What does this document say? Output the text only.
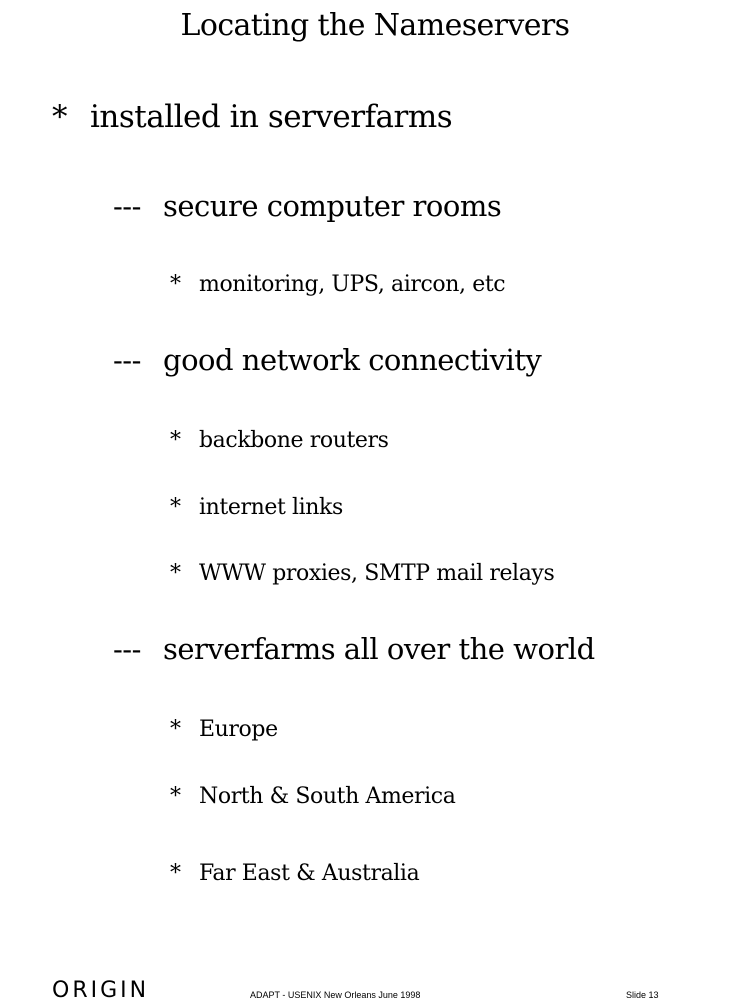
Locating the Nameservers
* installed in serverfarms
--- secure computer rooms
* monitoring, UPS, aircon, etc
--- good network connectivity
* backbone routers
* internet links
* WWW proxies, SMTP mail relays
--- serverfarms all over the world
* Europe
* North & South America
* Far East & Australia
ORIGIN	ADAPT - USENIX New Orleans June 1998	Slide 13
